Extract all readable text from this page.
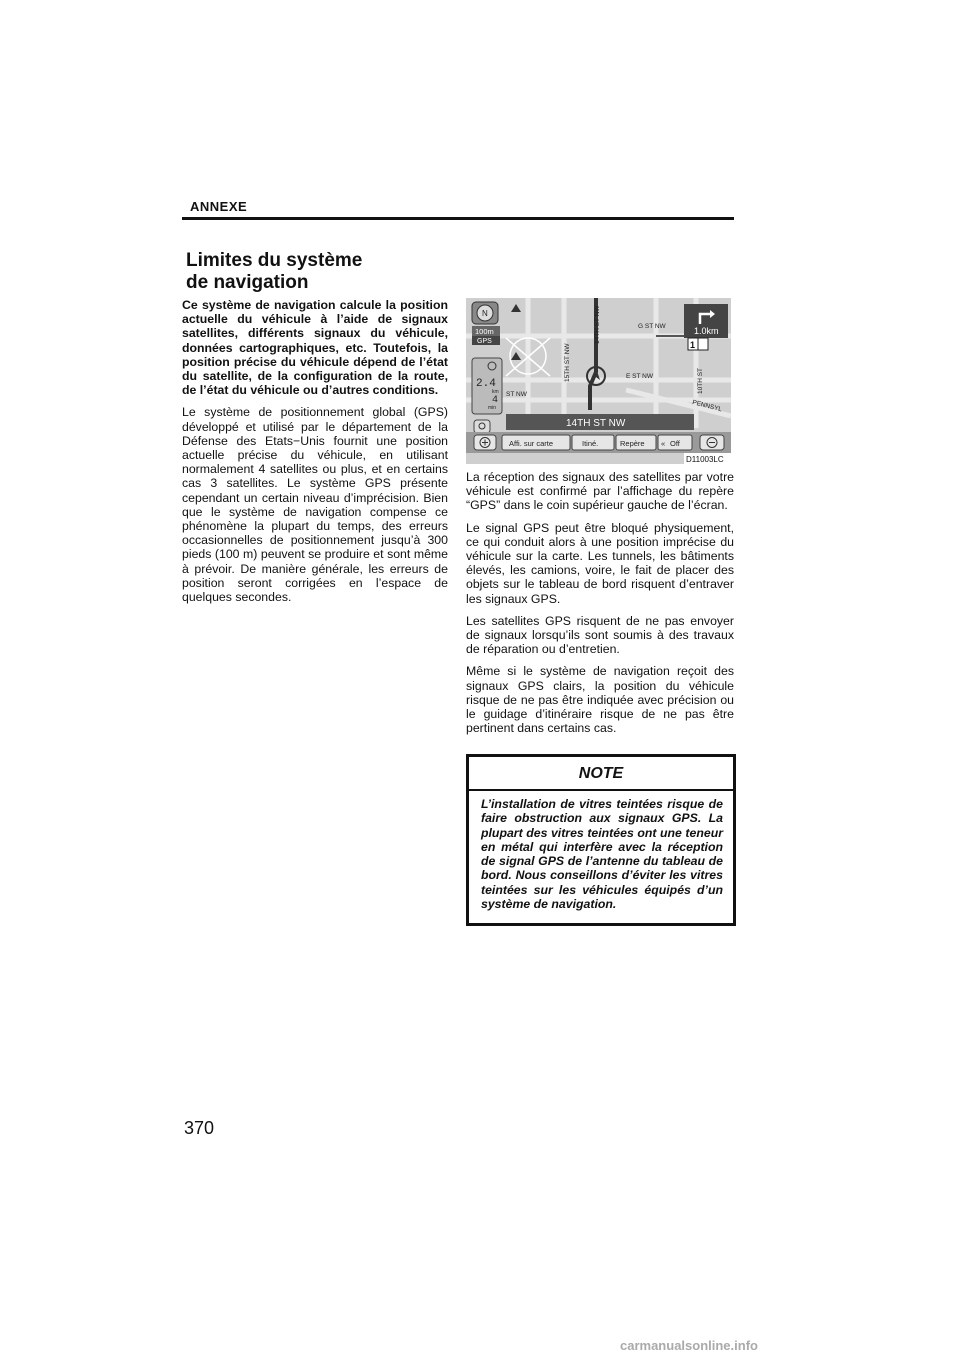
ANNEXE
Limites du système
de navigation

Ce système de navigation calcule la position actuelle du véhicule à l’aide de signaux satellites, différents signaux du véhicule, données cartographiques, etc. Toutefois, la position précise du véhicule dépend de l’état du satellite, de la configuration de la route, de l’état du véhicule ou d’autres conditions.

Le système de positionnement global (GPS) développé et utilisé par le département de la Défense des Etats−Unis fournit une position actuelle précise du véhicule, en utilisant normalement 4 satellites ou plus, et en certains cas 3 satellites. Le système GPS présente cependant un certain niveau d’imprécision. Bien que le système de navigation compense ce phénomène la plupart du temps, des erreurs occasionnelles de positionnement jusqu’à 300 pieds (100 m) peuvent se produire et sont même à prévoir. De manière générale, les erreurs de position seront corrigées en l’espace de quelques secondes.

15TH ST NW
14TH ST NW	G ST NW
E ST NW
ST NW
10TH ST
PENNSYL
N
100m
GPS
2.4
km
4
min
1.0km
1
14TH ST NW
Affi. sur carte	Itiné.	Repère « Off
D11003LC

La réception des signaux des satellites par votre véhicule est confirmé par l’affichage du repère “GPS” dans le coin supérieur gauche de l’écran.

Le signal GPS peut être bloqué physiquement, ce qui conduit alors à une position imprécise du véhicule sur la carte. Les tunnels, les bâtiments élevés, les camions, voire, le fait de placer des objets sur le tableau de bord risquent d’entraver les signaux GPS.

Les satellites GPS risquent de ne pas envoyer de signaux lorsqu’ils sont soumis à des travaux de réparation ou d’entretien.

Même si le système de navigation reçoit des signaux GPS clairs, la position du véhicule risque de ne pas être indiquée avec précision ou le guidage d’itinéraire risque de ne pas être pertinent dans certains cas.

NOTE
L’installation de vitres teintées risque de faire obstruction aux signaux GPS. La plupart des vitres teintées ont une teneur en métal qui interfère avec la réception de signal GPS de l’antenne du tableau de bord. Nous conseillons d’éviter les vitres teintées sur les véhicules équipés d’un système de navigation.
370
carmanualsonline.info
